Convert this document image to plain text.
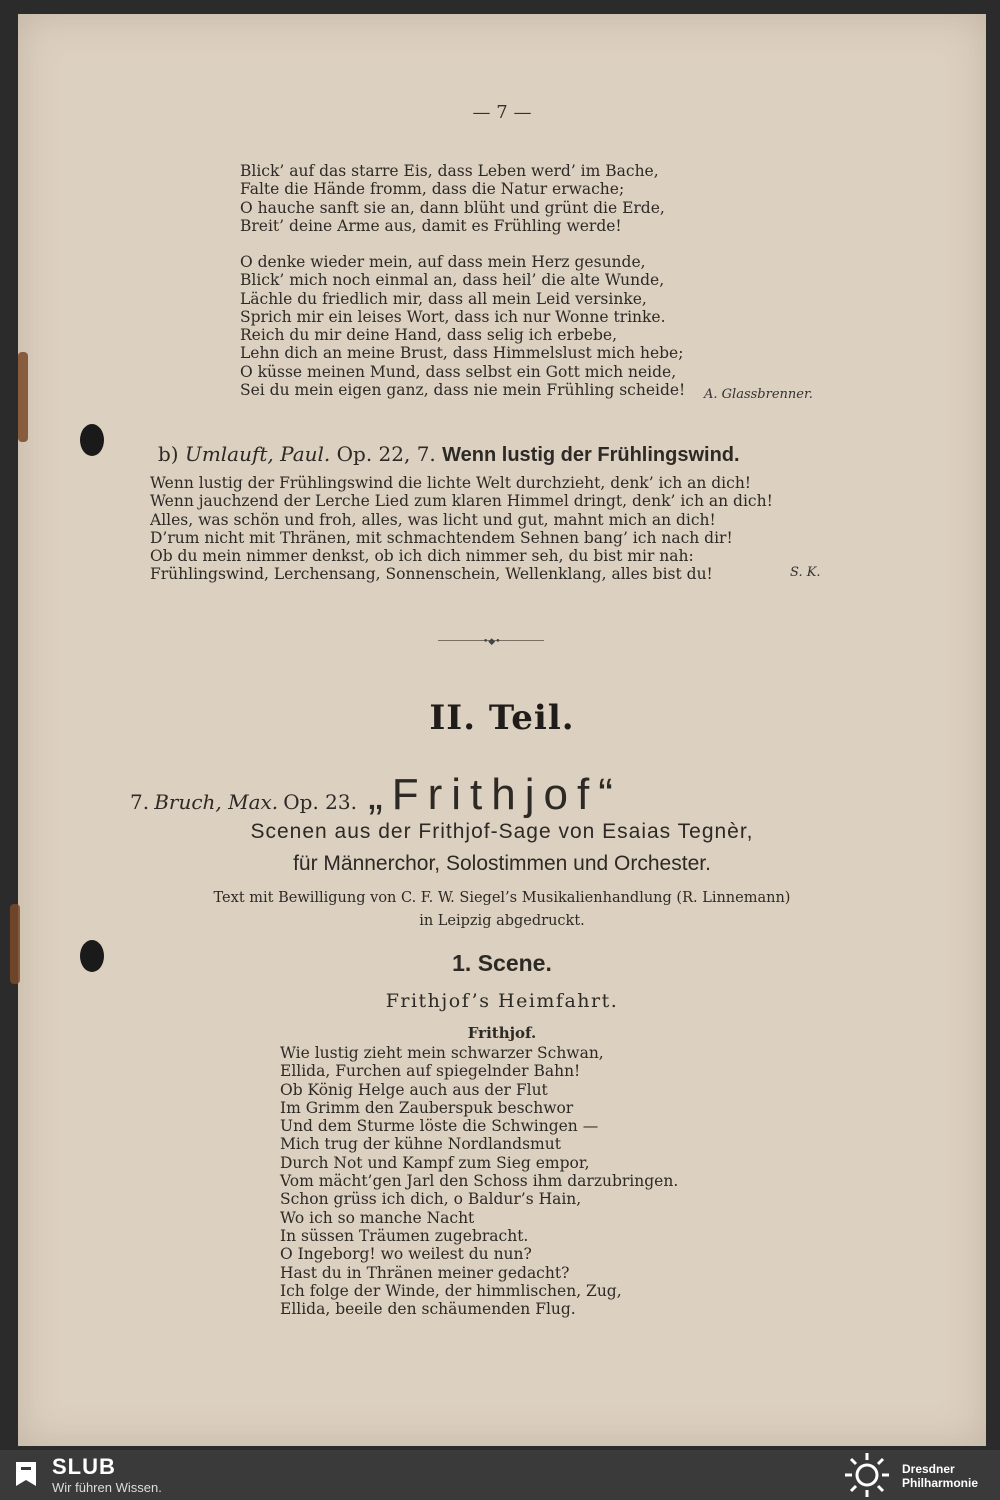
— 7 —
Blick’ auf das starre Eis, dass Leben werd’ im Bache,
Falte die Hände fromm, dass die Natur erwache;
O hauche sanft sie an, dann blüht und grünt die Erde,
Breit’ deine Arme aus, damit es Frühling werde!
O denke wieder mein, auf dass mein Herz gesunde,
Blick’ mich noch einmal an, dass heil’ die alte Wunde,
Lächle du friedlich mir, dass all mein Leid versinke,
Sprich mir ein leises Wort, dass ich nur Wonne trinke.
Reich du mir deine Hand, dass selig ich erbebe,
Lehn dich an meine Brust, dass Himmelslust mich hebe;
O küsse meinen Mund, dass selbst ein Gott mich neide,
Sei du mein eigen ganz, dass nie mein Frühling scheide! A. Glassbrenner.
b) Umlauft, Paul. Op. 22, 7. Wenn lustig der Frühlingswind.
Wenn lustig der Frühlingswind die lichte Welt durchzieht, denk’ ich an dich!
Wenn jauchzend der Lerche Lied zum klaren Himmel dringt, denk’ ich an dich!
Alles, was schön und froh, alles, was licht und gut, mahnt mich an dich!
D’rum nicht mit Thränen, mit schmachtendem Sehnen bang’ ich nach dir!
Ob du mein nimmer denkst, ob ich dich nimmer seh, du bist mir nah:
Frühlingswind, Lerchensang, Sonnenschein, Wellenklang, alles bist du!	S. K.
•◆•
II. Teil.
7. Bruch, Max. Op. 23. „Frithjof“
Scenen aus der Frithjof-Sage von Esaias Tegnèr,
für Männerchor, Solostimmen und Orchester.
Text mit Bewilligung von C. F. W. Siegel’s Musikalienhandlung (R. Linnemann)
in Leipzig abgedruckt.
1. Scene.
Frithjof’s Heimfahrt.
Frithjof.
Wie lustig zieht mein schwarzer Schwan,
Ellida, Furchen auf spiegelnder Bahn!
Ob König Helge auch aus der Flut
Im Grimm den Zauberspuk beschwor
Und dem Sturme löste die Schwingen —
Mich trug der kühne Nordlandsmut
Durch Not und Kampf zum Sieg empor,
Vom mächt’gen Jarl den Schoss ihm darzubringen.
Schon grüss ich dich, o Baldur’s Hain,
Wo ich so manche Nacht
In süssen Träumen zugebracht.
O Ingeborg! wo weilest du nun?
Hast du in Thränen meiner gedacht?
Ich folge der Winde, der himmlischen, Zug,
Ellida, beeile den schäumenden Flug.
SLUB
Wir führen Wissen.
Dresdner
Philharmonie
